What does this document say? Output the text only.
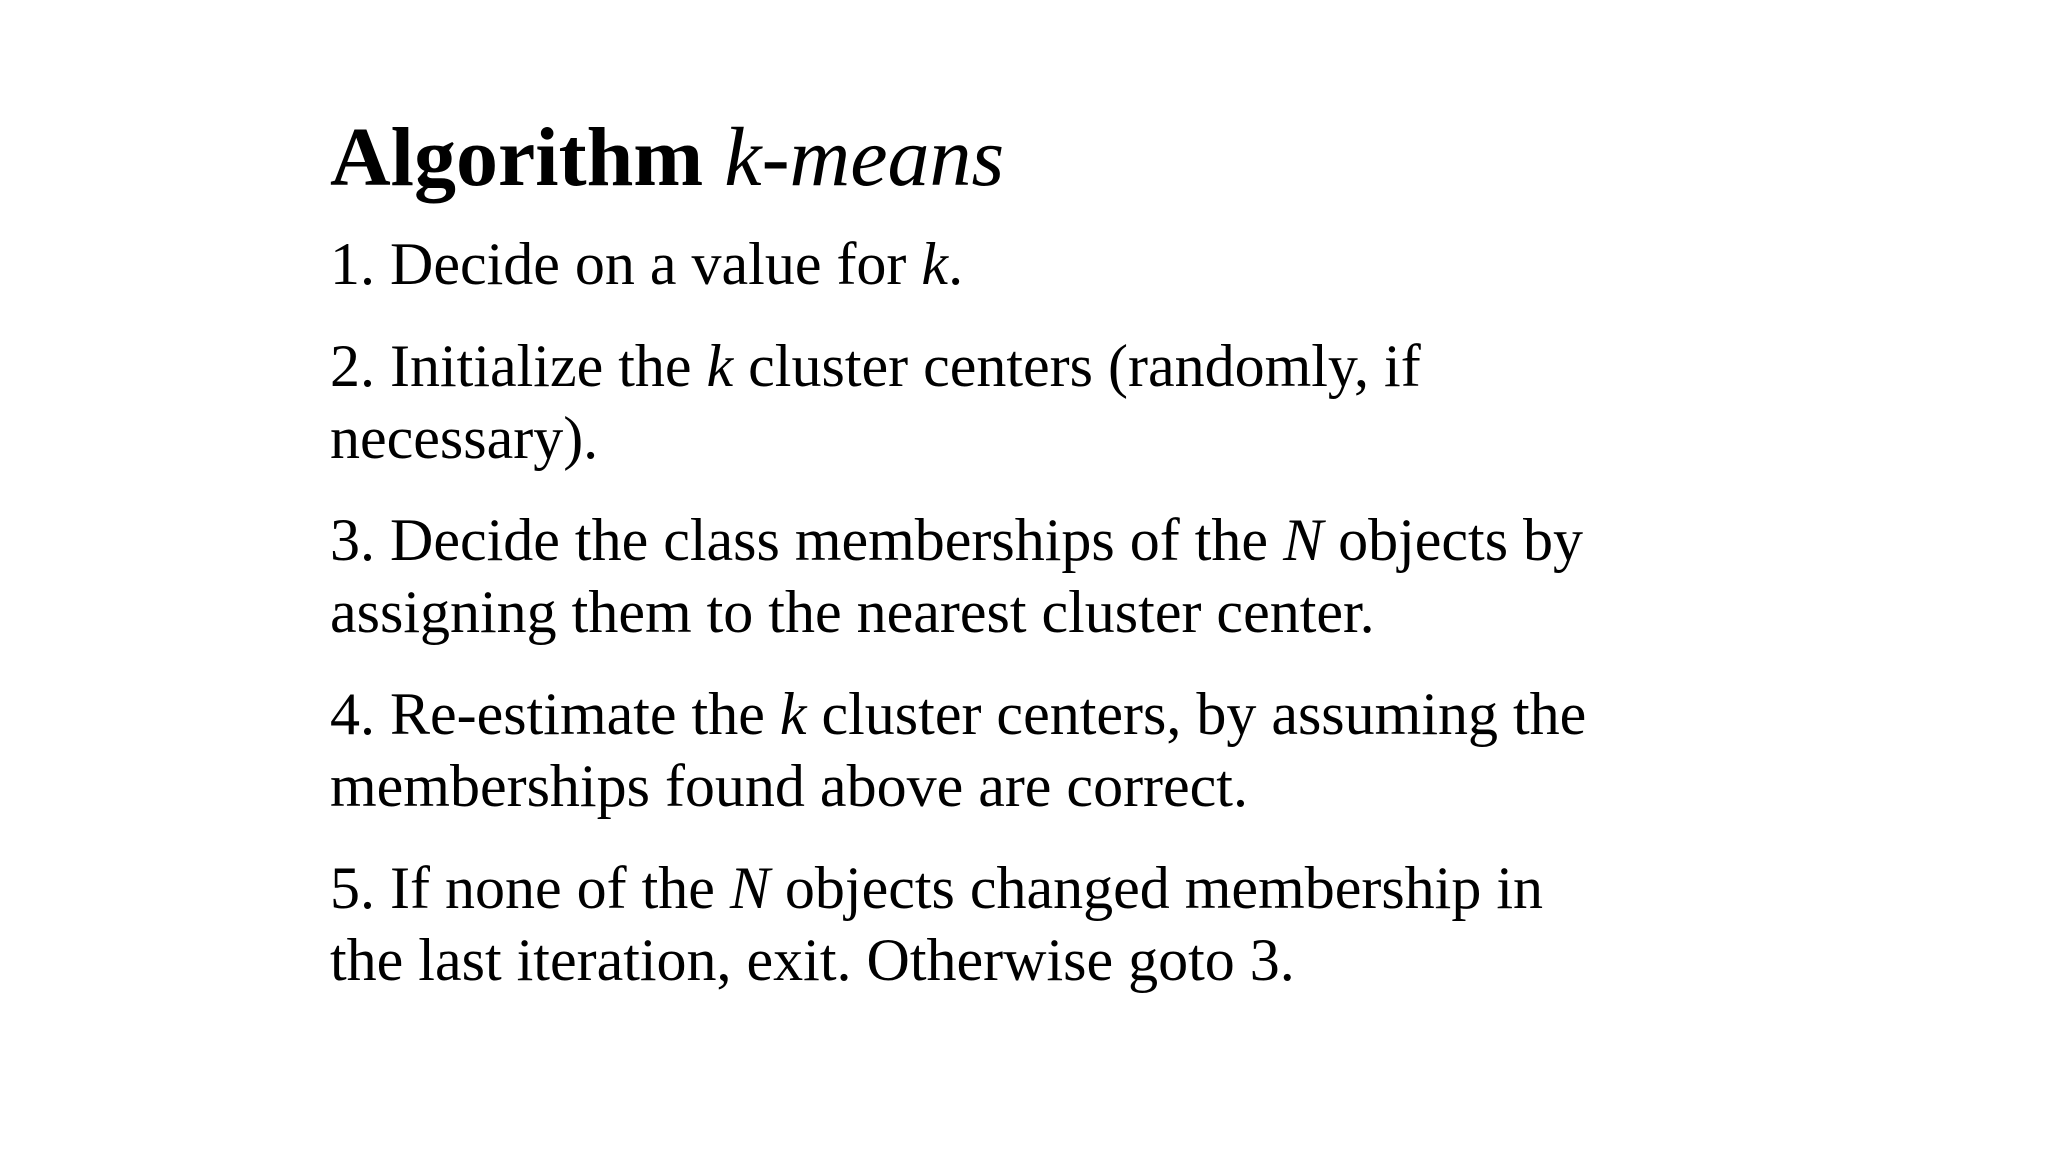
Algorithm k-means
1. Decide on a value for k.
2. Initialize the k cluster centers (randomly, if
necessary).
3. Decide the class memberships of the N objects by
assigning them to the nearest cluster center.
4. Re-estimate the k cluster centers, by assuming the
memberships found above are correct.
5. If none of the N objects changed membership in
the last iteration, exit. Otherwise goto 3.
